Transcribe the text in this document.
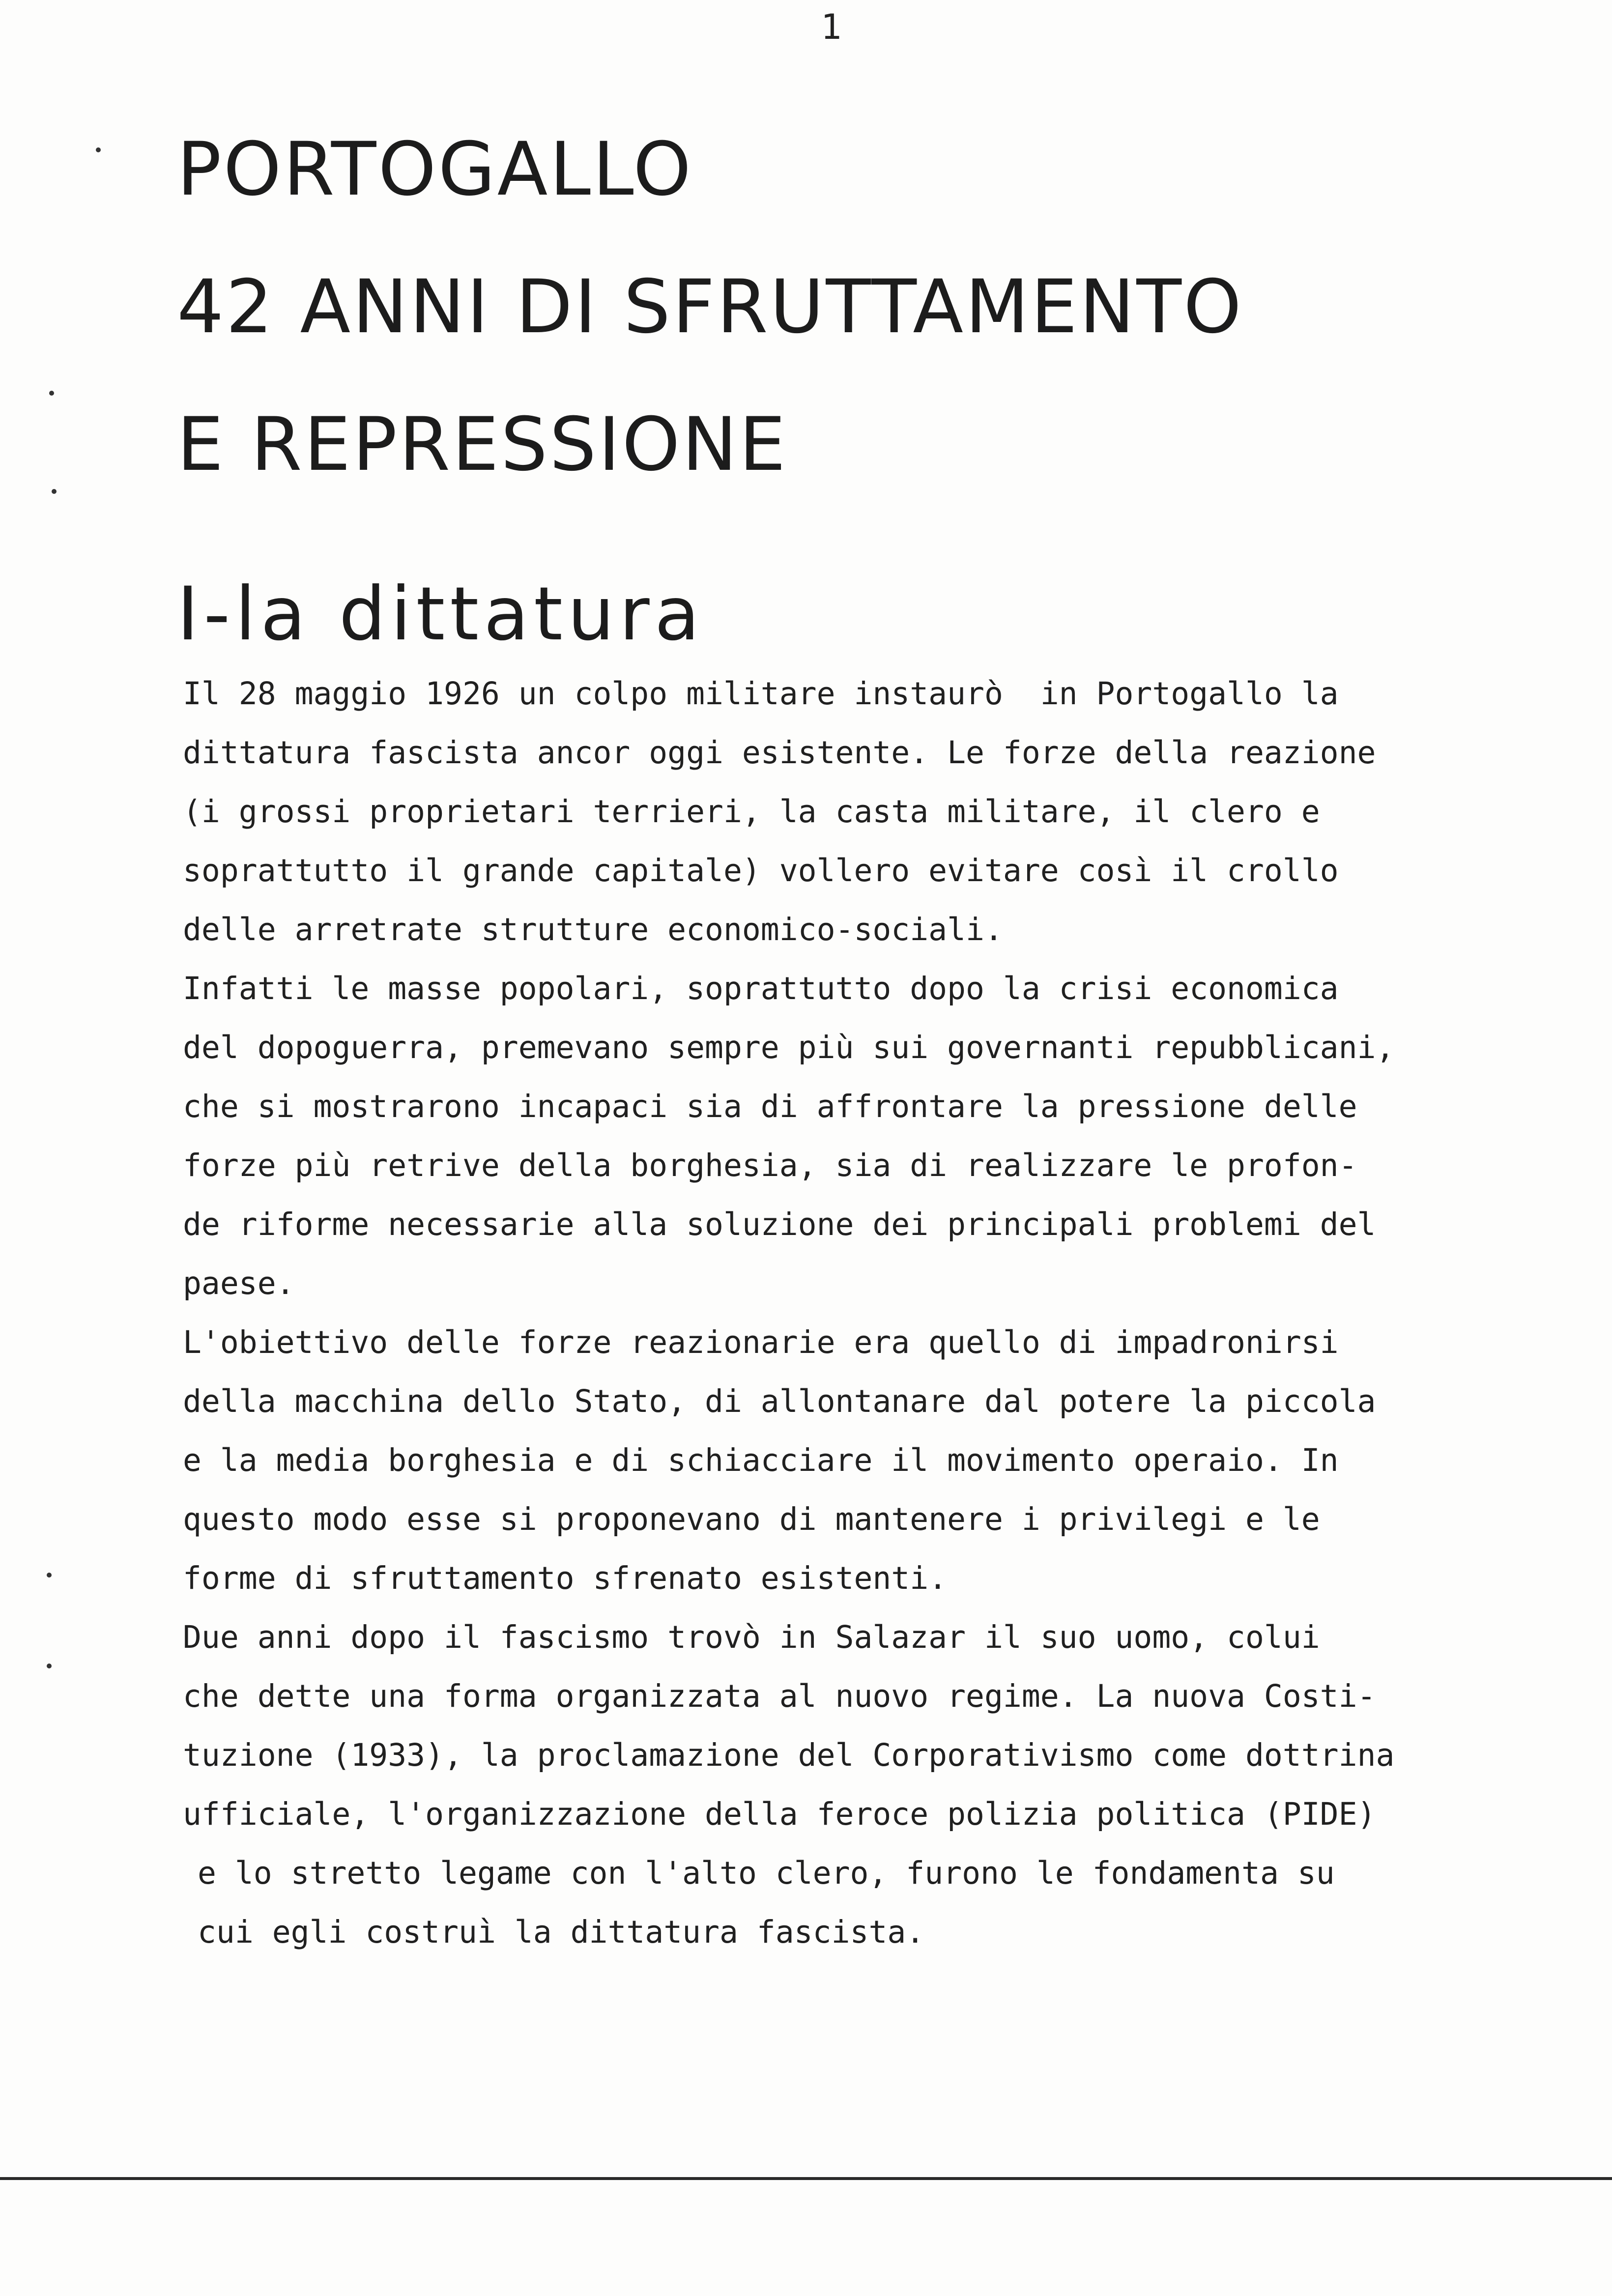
1
PORTOGALLO
42 ANNI DI SFRUTTAMENTO
E REPRESSIONE
I-la dittatura
Il 28 maggio 1926 un colpo militare instaurò  in Portogallo la
dittatura fascista ancor oggi esistente. Le forze della reazione
(i grossi proprietari terrieri, la casta militare, il clero e
soprattutto il grande capitale) vollero evitare così il crollo
delle arretrate strutture economico-sociali.
Infatti le masse popolari, soprattutto dopo la crisi economica
del dopoguerra, premevano sempre più sui governanti repubblicani,
che si mostrarono incapaci sia di affrontare la pressione delle
forze più retrive della borghesia, sia di realizzare le profon-
de riforme necessarie alla soluzione dei principali problemi del
paese.
L'obiettivo delle forze reazionarie era quello di impadronirsi
della macchina dello Stato, di allontanare dal potere la piccola
e la media borghesia e di schiacciare il movimento operaio. In
questo modo esse si proponevano di mantenere i privilegi e le
forme di sfruttamento sfrenato esistenti.
Due anni dopo il fascismo trovò in Salazar il suo uomo, colui
che dette una forma organizzata al nuovo regime. La nuova Costi-
tuzione (1933), la proclamazione del Corporativismo come dottrina
ufficiale, l'organizzazione della feroce polizia politica (PIDE)
e lo stretto legame con l'alto clero, furono le fondamenta su
cui egli costruì la dittatura fascista.
